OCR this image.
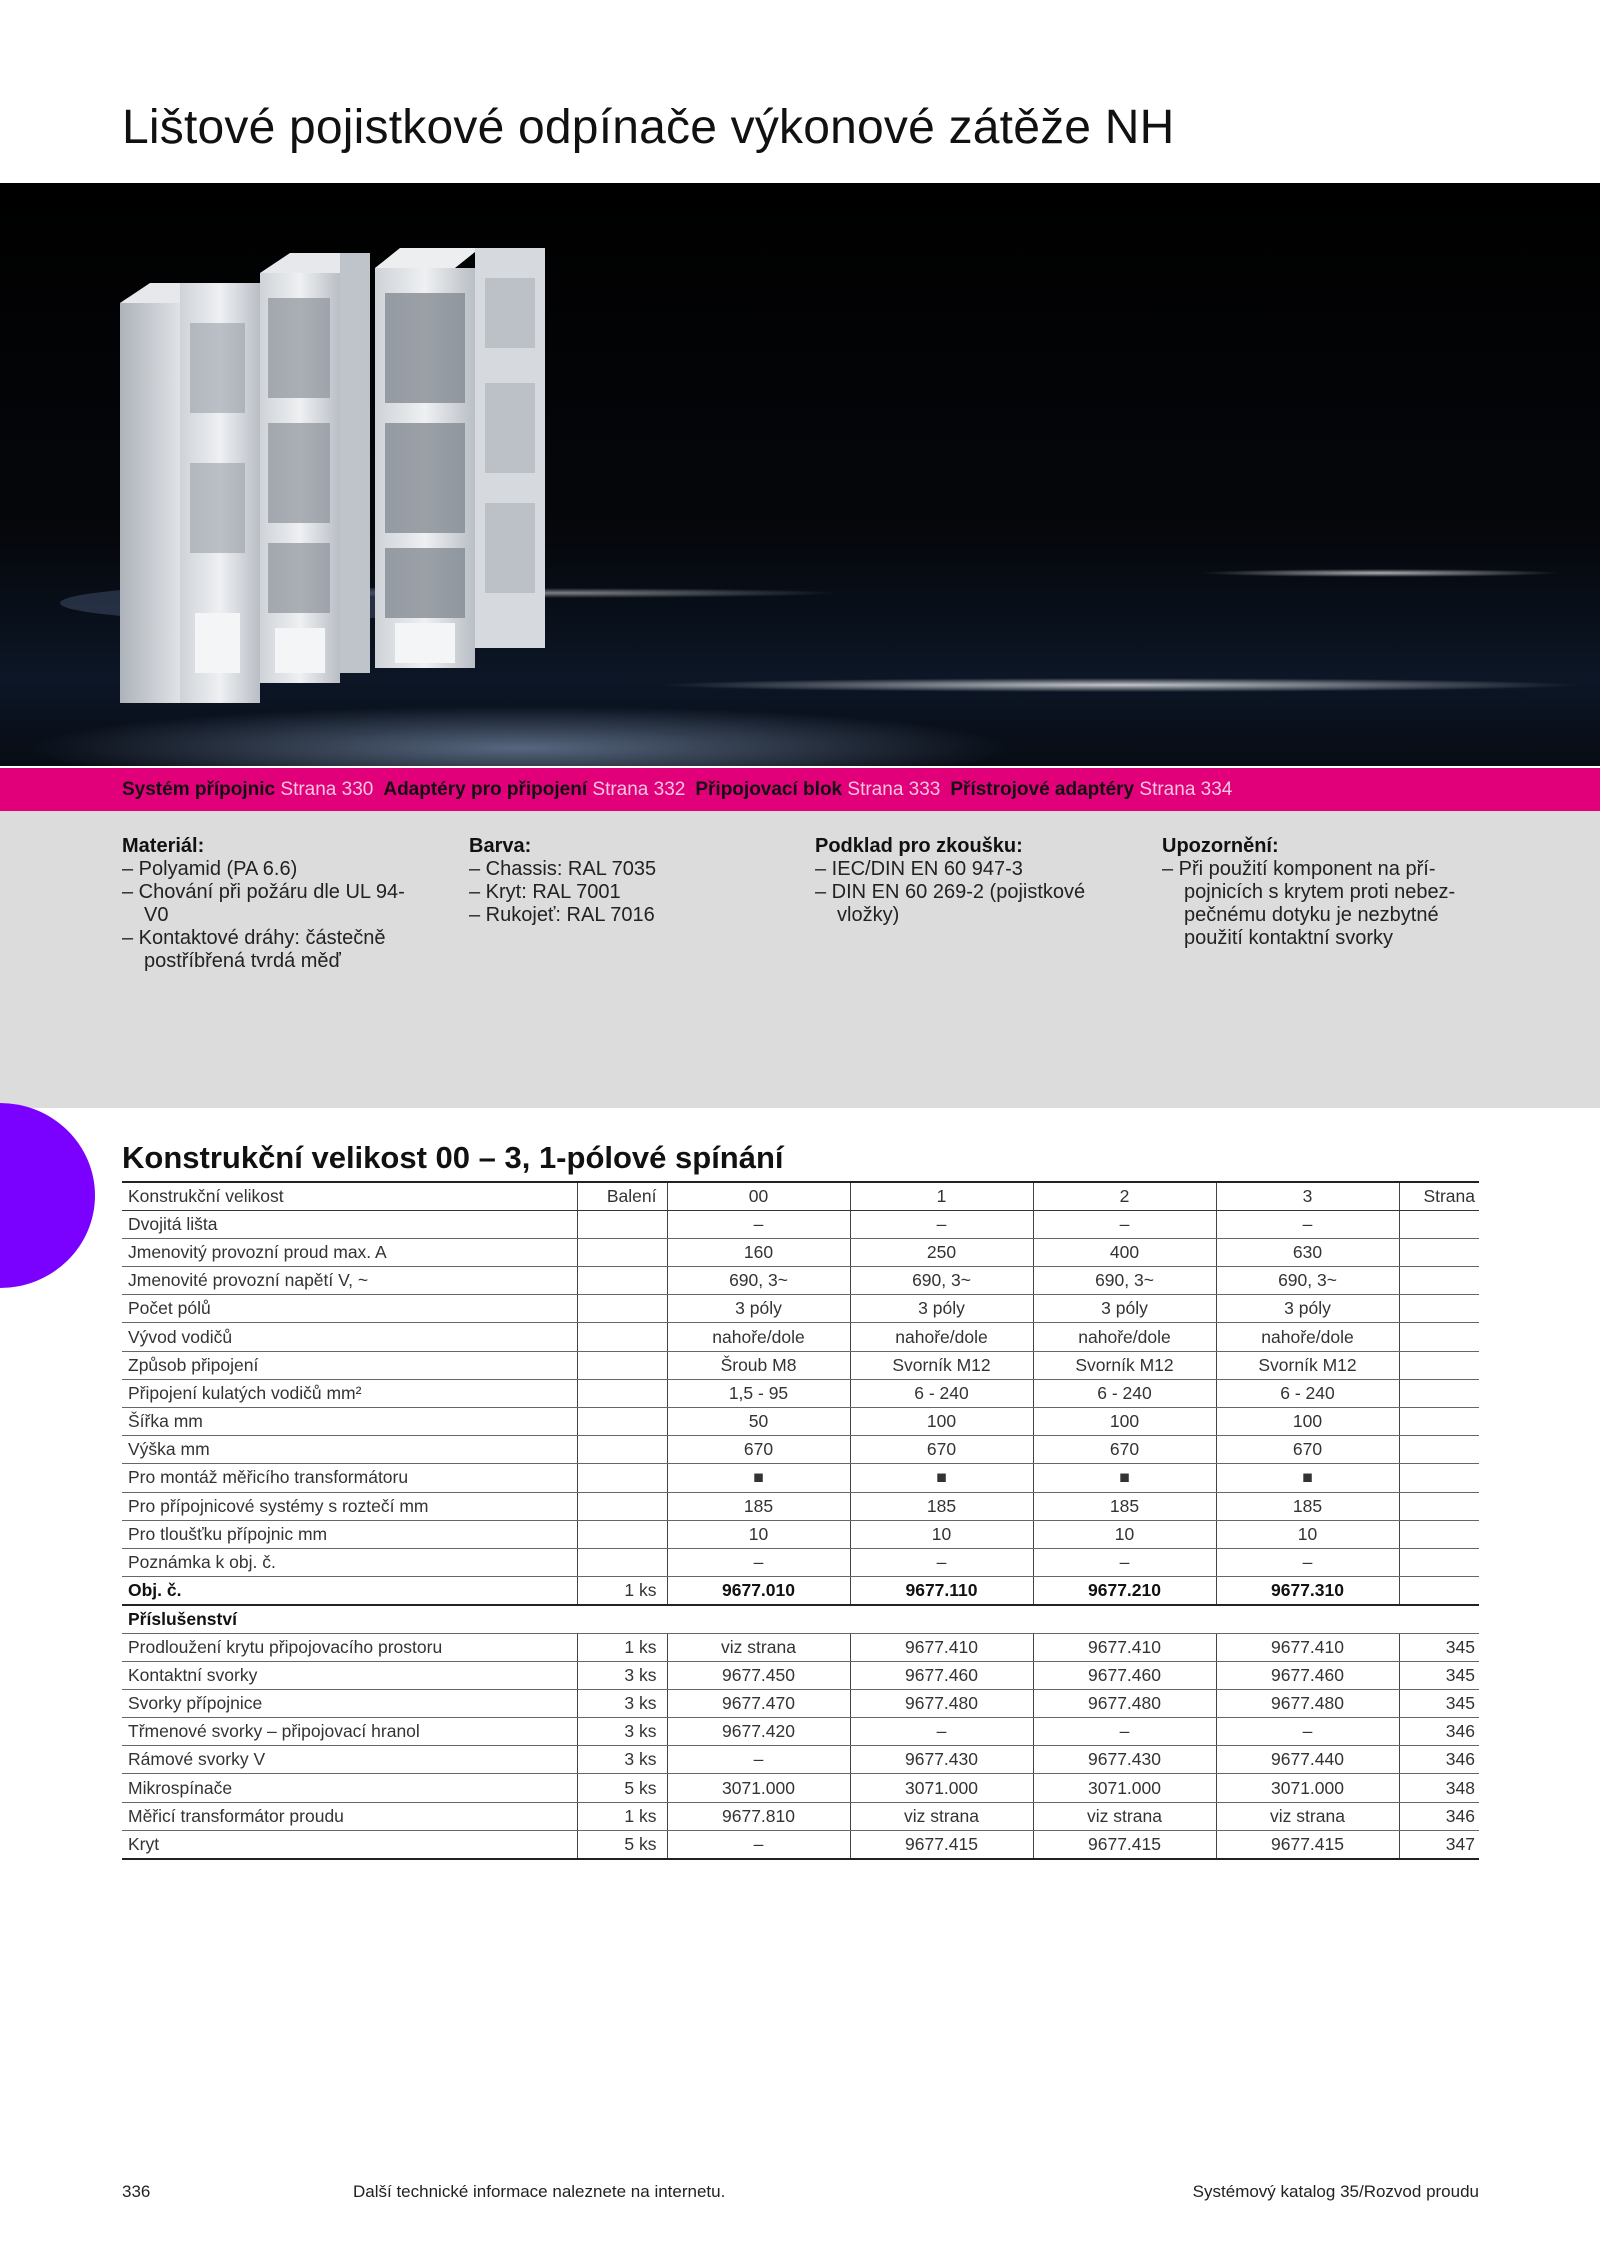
Lištové pojistkové odpínače výkonové zátěže NH
Systém přípojnic Strana 330 Adaptéry pro připojení Strana 332 Připojovací blok Strana 333 Přístrojové adaptéry Strana 334
Materiál:
– Polyamid (PA 6.6)
– Chování při požáru dle UL 94-V0
– Kontaktové dráhy: částečně postříbřená tvrdá měď
Barva:
– Chassis: RAL 7035
– Kryt: RAL 7001
– Rukojeť: RAL 7016
Podklad pro zkoušku:
– IEC/DIN EN 60 947-3
– DIN EN 60 269-2 (pojistkové vložky)
Upozornění:
– Při použití komponent na pří- pojnicích s krytem proti nebez- pečnému dotyku je nezbytné použití kontaktní svorky
Konstrukční velikost 00 – 3, 1-pólové spínání
Konstrukční velikost	Balení	00	1	2	3	Strana
Dvojitá lišta		–	–	–	–	
Jmenovitý provozní proud max. A		160	250	400	630	
Jmenovité provozní napětí V, ~		690, 3~	690, 3~	690, 3~	690, 3~	
Počet pólů		3 póly	3 póly	3 póly	3 póly	
Vývod vodičů		nahoře/dole	nahoře/dole	nahoře/dole	nahoře/dole	
Způsob připojení		Šroub M8	Svorník M12	Svorník M12	Svorník M12	
Připojení kulatých vodičů mm²		1,5 - 95	6 - 240	6 - 240	6 - 240	
Šířka mm		50	100	100	100	
Výška mm		670	670	670	670	
Pro montáž měřicího transformátoru		■	■	■	■	
Pro přípojnicové systémy s roztečí mm		185	185	185	185	
Pro tloušťku přípojnic mm		10	10	10	10	
Poznámka k obj. č.		–	–	–	–	
Obj. č.	1 ks	9677.010	9677.110	9677.210	9677.310	
Příslušenství						
Prodloužení krytu připojovacího prostoru	1 ks	viz strana	9677.410	9677.410	9677.410	345
Kontaktní svorky	3 ks	9677.450	9677.460	9677.460	9677.460	345
Svorky přípojnice	3 ks	9677.470	9677.480	9677.480	9677.480	345
Třmenové svorky – připojovací hranol	3 ks	9677.420	–	–	–	346
Rámové svorky V	3 ks	–	9677.430	9677.430	9677.440	346
Mikrospínače	5 ks	3071.000	3071.000	3071.000	3071.000	348
Měřicí transformátor proudu	1 ks	9677.810	viz strana	viz strana	viz strana	346
Kryt	5 ks	–	9677.415	9677.415	9677.415	347
336	Další technické informace naleznete na internetu.	Systémový katalog 35/Rozvod proudu
